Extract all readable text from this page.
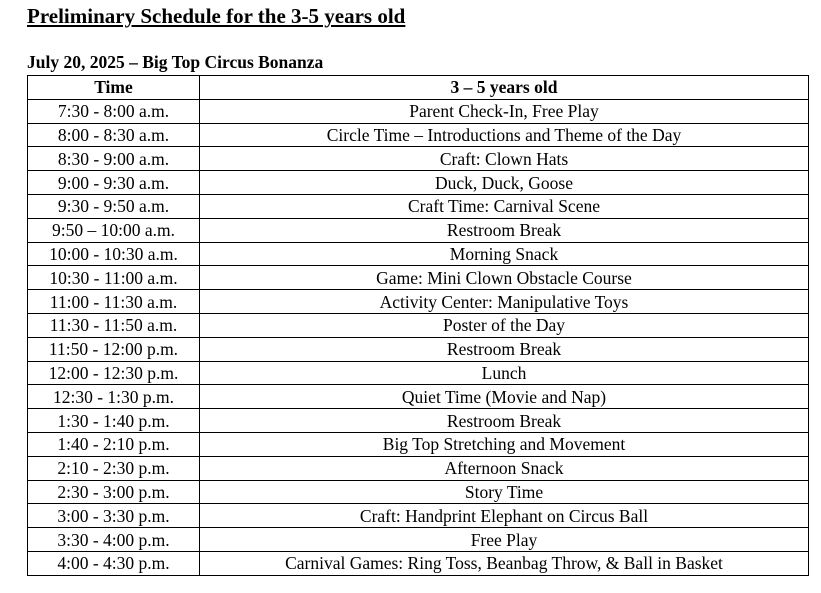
Preliminary Schedule for the 3-5 years old
July 20, 2025 – Big Top Circus Bonanza
Time	3 – 5 years old
7:30 - 8:00 a.m.	Parent Check-In, Free Play
8:00 - 8:30 a.m.	Circle Time – Introductions and Theme of the Day
8:30 - 9:00 a.m.	Craft: Clown Hats
9:00 - 9:30 a.m.	Duck, Duck, Goose
9:30 - 9:50 a.m.	Craft Time: Carnival Scene
9:50 – 10:00 a.m.	Restroom Break
10:00 - 10:30 a.m.	Morning Snack
10:30 - 11:00 a.m.	Game: Mini Clown Obstacle Course
11:00 - 11:30 a.m.	Activity Center: Manipulative Toys
11:30 - 11:50 a.m.	Poster of the Day
11:50 - 12:00 p.m.	Restroom Break
12:00 - 12:30 p.m.	Lunch
12:30 - 1:30 p.m.	Quiet Time (Movie and Nap)
1:30 - 1:40 p.m.	Restroom Break
1:40 - 2:10 p.m.	Big Top Stretching and Movement
2:10 - 2:30 p.m.	Afternoon Snack
2:30 - 3:00 p.m.	Story Time
3:00 - 3:30 p.m.	Craft: Handprint Elephant on Circus Ball
3:30 - 4:00 p.m.	Free Play
4:00 - 4:30 p.m.	Carnival Games: Ring Toss, Beanbag Throw, & Ball in Basket
